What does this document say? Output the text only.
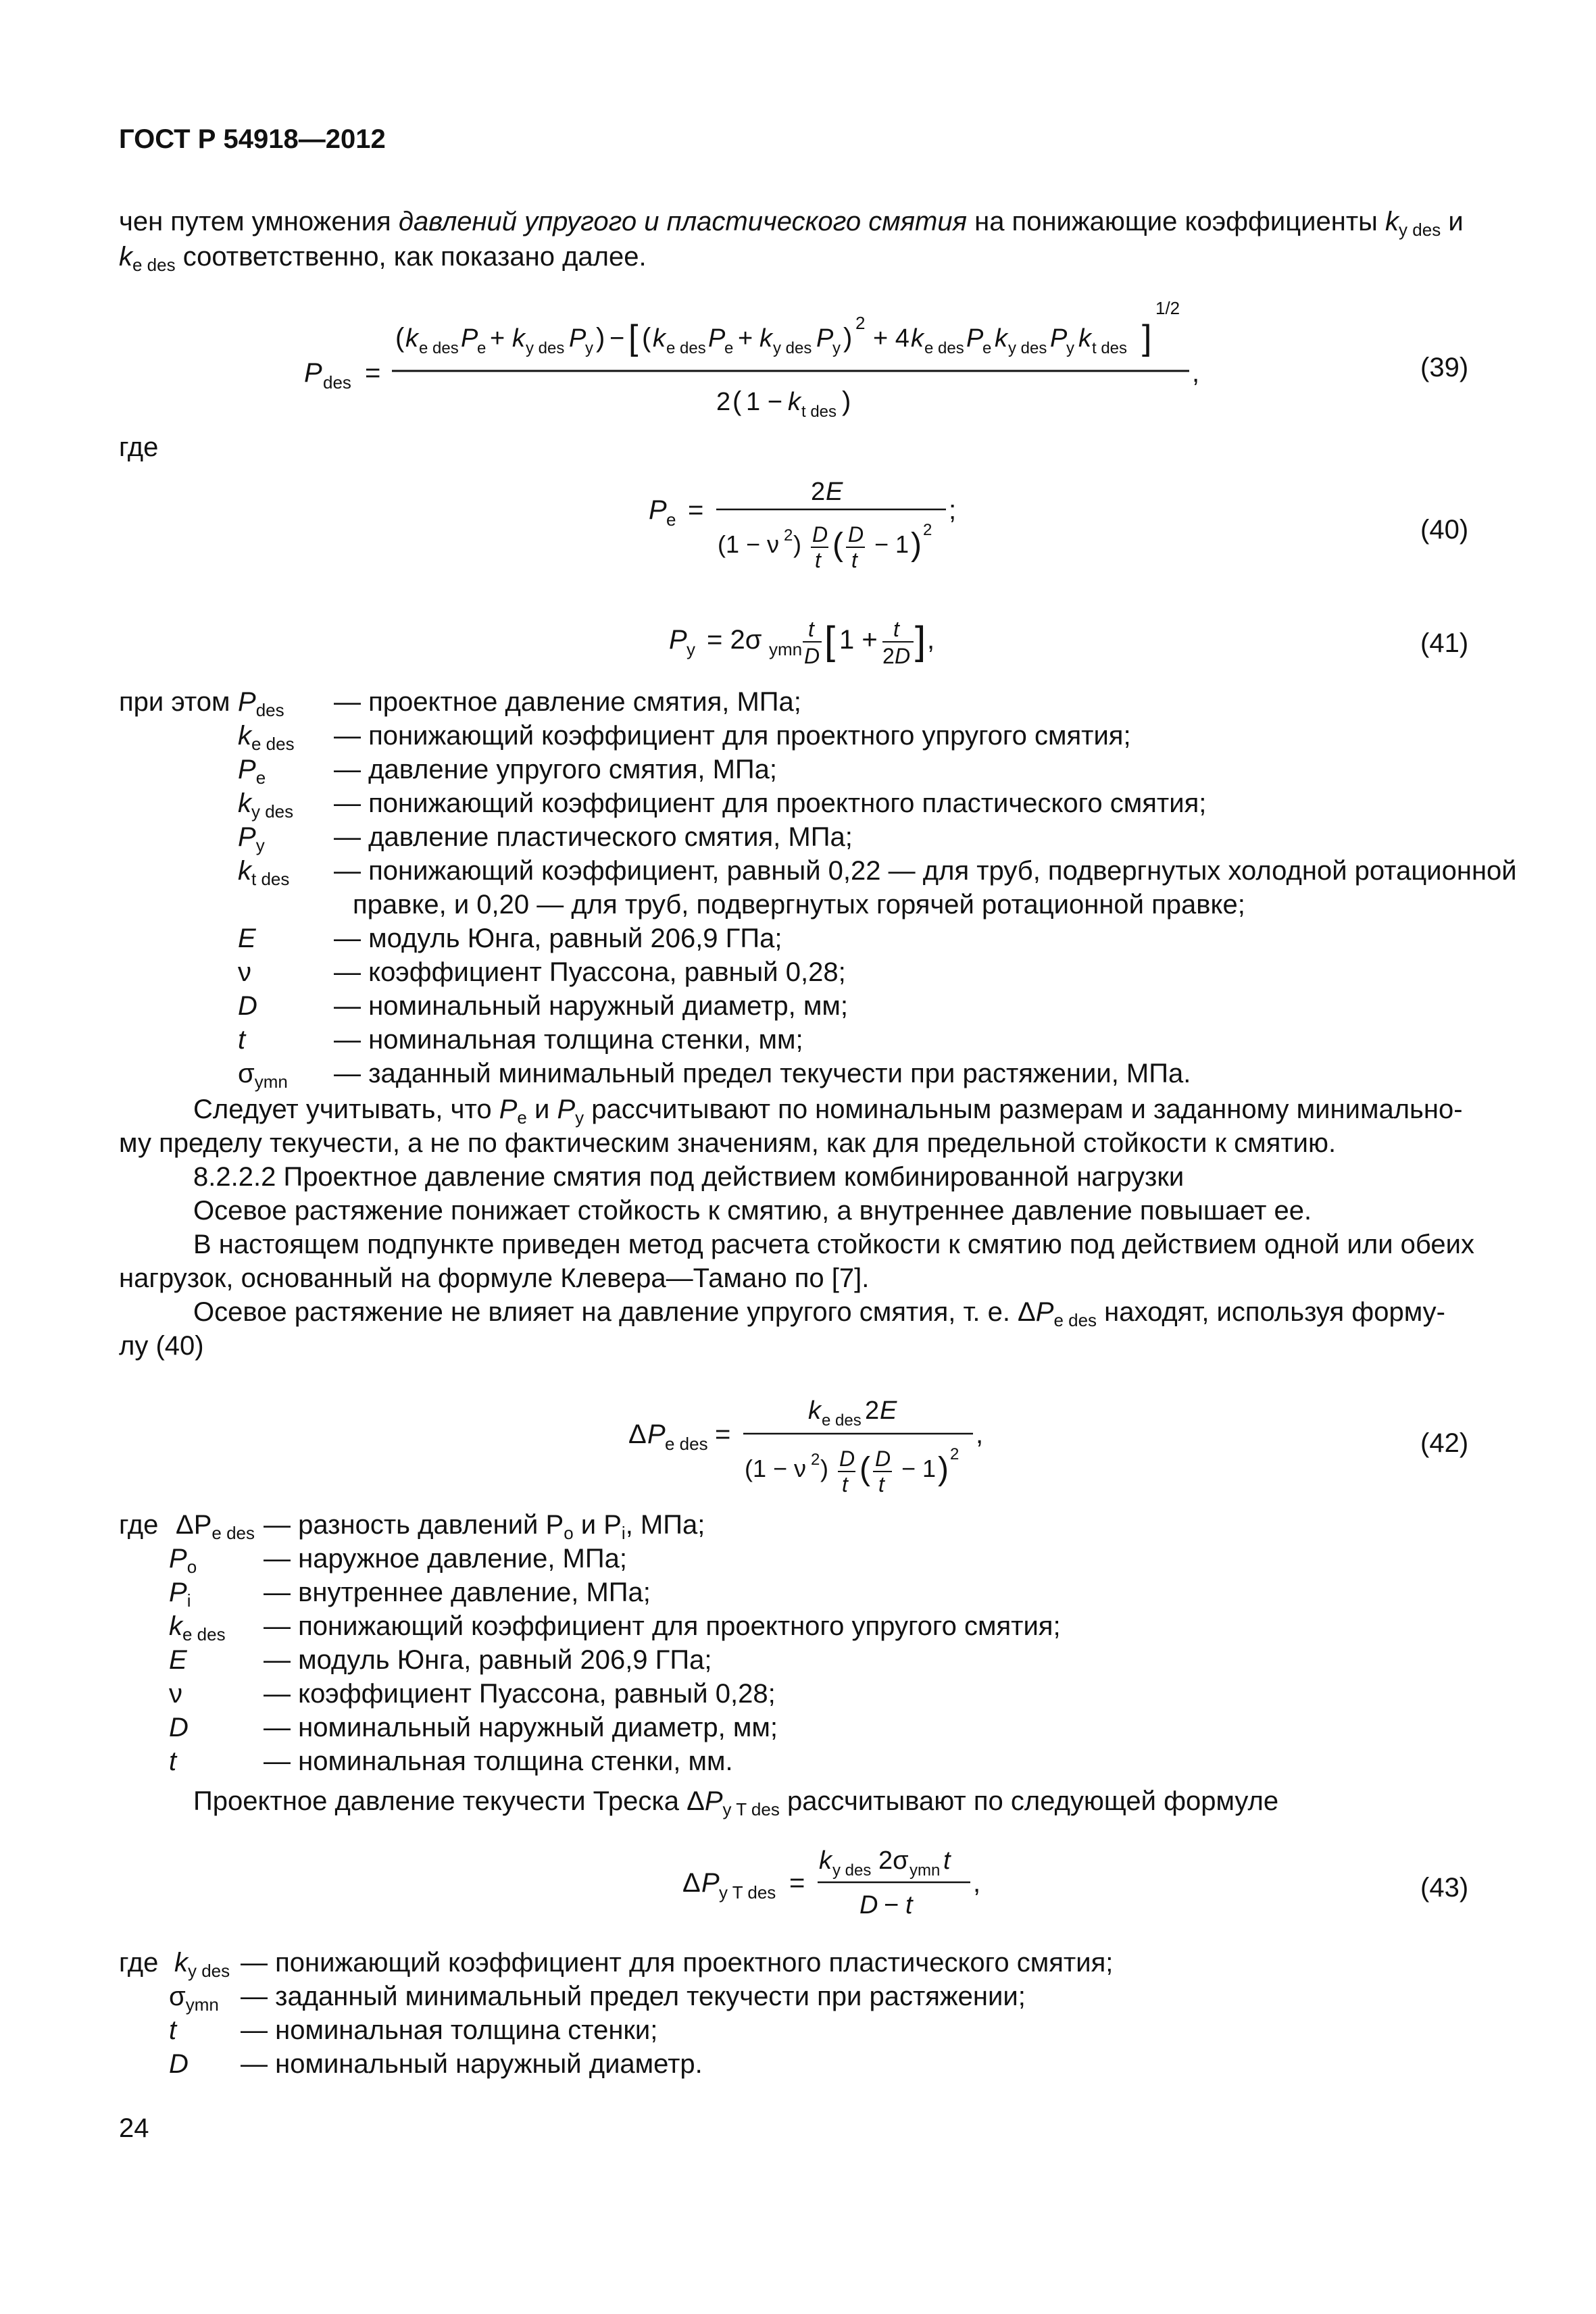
ГОСТ Р 54918—2012
чен путем умножения давлений упругого и пластического смятия на понижающие коэффициенты $k_{y des}$ и
$k_{e des}$ соответственно, как показано далее.
P des =
( k e des P
e + k y des P
y ) − [ ( k e des P
e + k y des P
y ) 2
+ 4 k e des P
e k y des P
y k t des ]
1/2
2 ( 1 − k t des )
,	(39)
где
P e =
2 E
(1 − ν 2 ) D
t ( D
t
− 1 ) 2
;
(40)
P y = 2σ ymn
t
D [ 1 + t
2 D ] ,	(41)
при этом $P_{des}$ — проектное давление смятия, МПа;
$k_{e des}$ — понижающий коэффициент для проектного упругого смятия;
$P_e$	— давление упругого смятия, МПа;
$k_{y des}$ — понижающий коэффициент для проектного пластического смятия;
$P_y$	— давление пластического смятия, МПа;
$k_{t des}$ — понижающий коэффициент, равный 0,22 — для труб, подвергнутых холодной ротационной
правке, и 0,20 — для труб, подвергнутых горячей ротационной правке;
E	— модуль Юнга, равный 206,9 ГПа;
ν	— коэффициент Пуассона, равный 0,28;
D	— номинальный наружный диаметр, мм;
t	— номинальная толщина стенки, мм;
$\sigma_{ymn}$ — заданный минимальный предел текучести при растяжении, МПа.
Следует учитывать, что $P_e$ и $P_y$ рассчитывают по номинальным размерам и заданному минимально-
му пределу текучести, а не по фактическим значениям, как для предельной стойкости к смятию.
8.2.2.2 Проектное давление смятия под действием комбинированной нагрузки
Осевое растяжение понижает стойкость к смятию, а внутреннее давление повышает ее.
В настоящем подпункте приведен метод расчета стойкости к смятию под действием одной или обеих
нагрузок, основанный на формуле Клевера—Тамано по [7].
Осевое растяжение не влияет на давление упругого смятия, т. е. $\Delta P_{e des}$ находят, используя форму-
лу (40)
Δ P e des =
k e des 2 E
(1 − ν 2 ) D
t ( D
t
− 1 ) 2
,	(42)
где $\Delta P_{e des}$ — разность давлений $P_o$ и $P_i$, МПа;
$P_o$ — наружное давление, МПа;
$P_i$	— внутреннее давление, МПа;
$k_{e des}$ — понижающий коэффициент для проектного упругого смятия;
E	— модуль Юнга, равный 206,9 ГПа;
ν	— коэффициент Пуассона, равный 0,28;
D	— номинальный наружный диаметр, мм;
t	— номинальная толщина стенки, мм.
Проектное давление текучести Треска $\Delta P_{y T des}$ рассчитывают по следующей формуле
Δ P y T des =
k y des 2σ ymn t
D − t
,	(43)
где $k_{y des}$ — понижающий коэффициент для проектного пластического смятия;
$\sigma_{ymn}$ — заданный минимальный предел текучести при растяжении;
t — номинальная толщина стенки;
D — номинальный наружный диаметр.
24
